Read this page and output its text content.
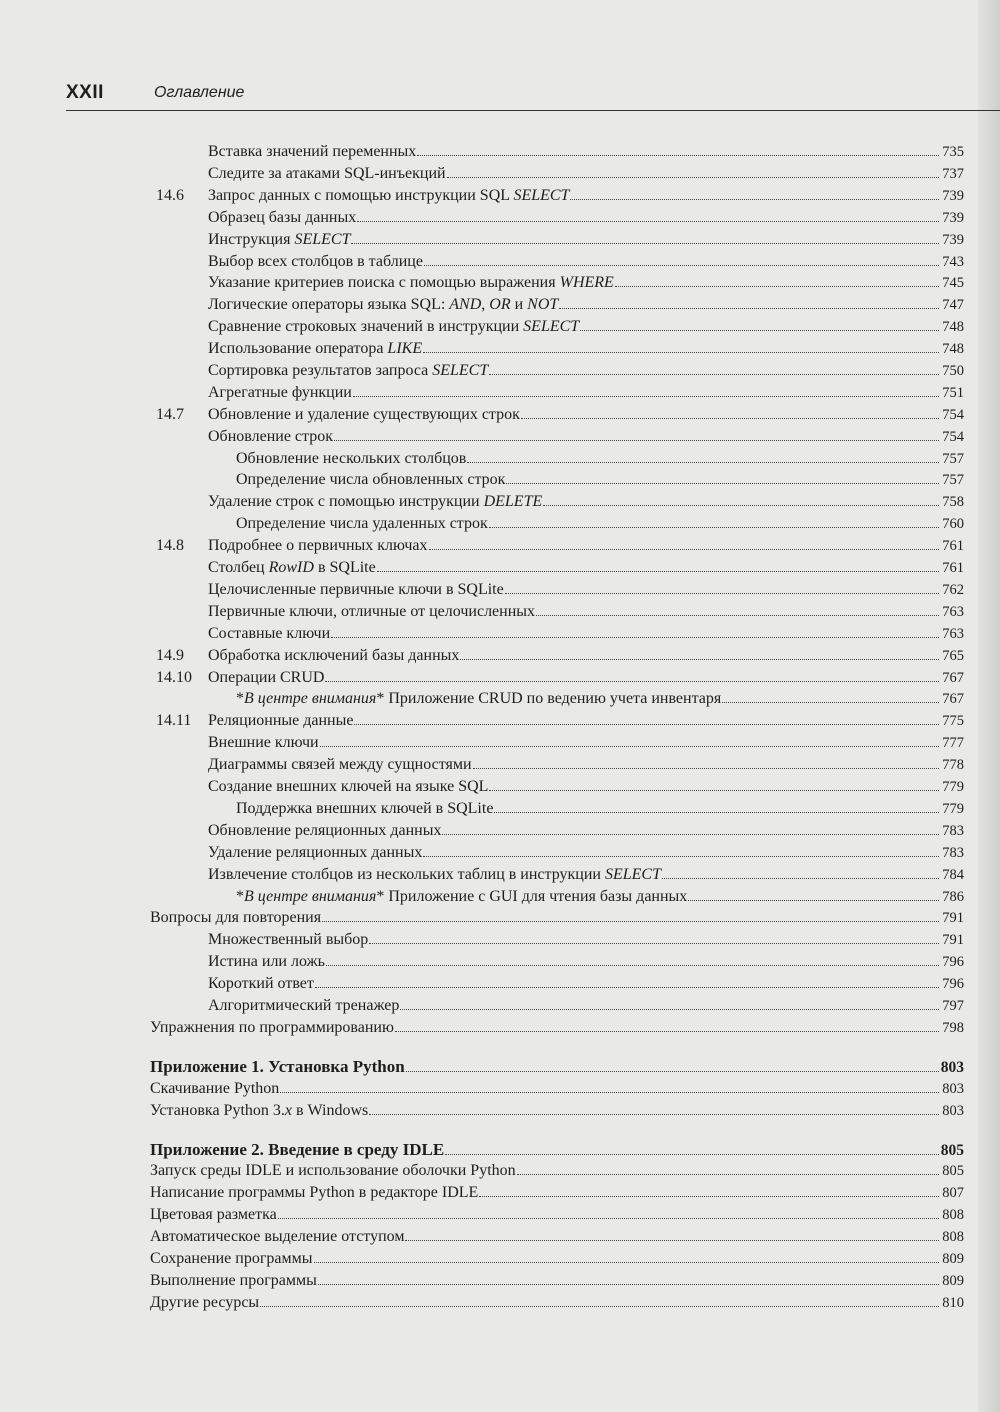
XXII	Оглавление
Вставка значений переменных	735
Следите за атаками SQL-инъекций	737
14.6 Запрос данных с помощью инструкции SQL SELECT	739
Образец базы данных	739
Инструкция SELECT	739
Выбор всех столбцов в таблице	743
Указание критериев поиска с помощью выражения WHERE	745
Логические операторы языка SQL: AND, OR и NOT	747
Сравнение строковых значений в инструкции SELECT	748
Использование оператора LIKE	748
Сортировка результатов запроса SELECT	750
Агрегатные функции	751
14.7 Обновление и удаление существующих строк	754
Обновление строк	754
Обновление нескольких столбцов	757
Определение числа обновленных строк	757
Удаление строк с помощью инструкции DELETE	758
Определение числа удаленных строк	760
14.8 Подробнее о первичных ключах	761
Столбец RowID в SQLite	761
Целочисленные первичные ключи в SQLite	762
Первичные ключи, отличные от целочисленных	763
Составные ключи	763
14.9 Обработка исключений базы данных	765
14.10 Операции CRUD	767
*В центре внимания* Приложение CRUD по ведению учета инвентаря	767
14.11 Реляционные данные	775
Внешние ключи	777
Диаграммы связей между сущностями	778
Создание внешних ключей на языке SQL	779
Поддержка внешних ключей в SQLite	779
Обновление реляционных данных	783
Удаление реляционных данных	783
Извлечение столбцов из нескольких таблиц в инструкции SELECT	784
*В центре внимания* Приложение с GUI для чтения базы данных	786
Вопросы для повторения	791
Множественный выбор	791
Истина или ложь	796
Короткий ответ	796
Алгоритмический тренажер	797
Упражнения по программированию	798
Приложение 1. Установка Python	803
Скачивание Python	803
Установка Python 3.x в Windows	803
Приложение 2. Введение в среду IDLE	805
Запуск среды IDLE и использование оболочки Python	805
Написание программы Python в редакторе IDLE	807
Цветовая разметка	808
Автоматическое выделение отступом	808
Сохранение программы	809
Выполнение программы	809
Другие ресурсы	810
